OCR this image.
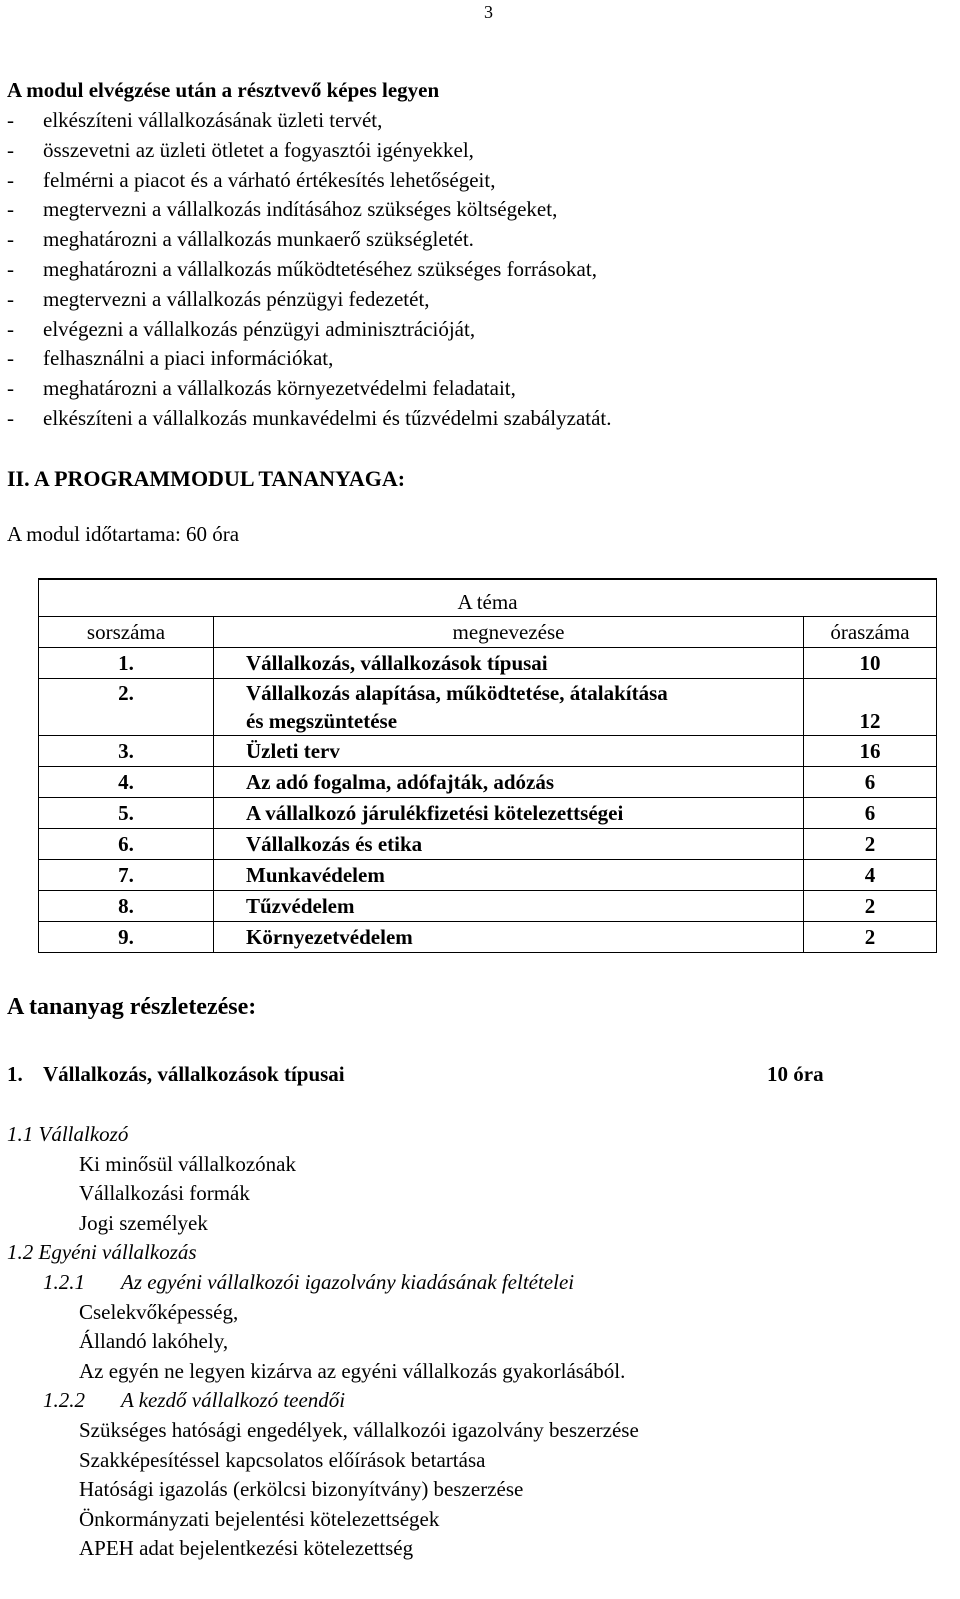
3
A modul elvégzése után a résztvevő képes legyen
-	elkészíteni vállalkozásának üzleti tervét,
-	összevetni az üzleti ötletet a fogyasztói igényekkel,
-	felmérni a piacot és a várható értékesítés lehetőségeit,
-	megtervezni a vállalkozás indításához szükséges költségeket,
-	meghatározni a vállalkozás munkaerő szükségletét.
-	meghatározni a vállalkozás működtetéséhez szükséges forrásokat,
-	megtervezni a vállalkozás pénzügyi fedezetét,
-	elvégezni a vállalkozás pénzügyi adminisztrációját,
-	felhasználni a piaci információkat,
-	meghatározni a vállalkozás környezetvédelmi feladatait,
-	elkészíteni a vállalkozás munkavédelmi és tűzvédelmi szabályzatát.
II. A PROGRAMMODUL TANANYAGA:
A modul időtartama: 60 óra
A téma		
sorszáma	megnevezése	óraszáma
1.	Vállalkozás, vállalkozások típusai	10
2.	Vállalkozás alapítása, működtetése, átalakítása
és megszüntetése	12
3.	Üzleti terv	16
4.	Az adó fogalma, adófajták, adózás	6
5.	A vállalkozó járulékfizetési kötelezettségei	6
6.	Vállalkozás és etika	2
7.	Munkavédelem	4
8.	Tűzvédelem	2
9.	Környezetvédelem	2
A tananyag részletezése:
1. Vállalkozás, vállalkozások típusai	10 óra
1.1 Vállalkozó
Ki minősül vállalkozónak
Vállalkozási formák
Jogi személyek
1.2 Egyéni vállalkozás
1.2.1 Az egyéni vállalkozói igazolvány kiadásának feltételei
Cselekvőképesség,
Állandó lakóhely,
Az egyén ne legyen kizárva az egyéni vállalkozás gyakorlásából.
1.2.2 A kezdő vállalkozó teendői
Szükséges hatósági engedélyek, vállalkozói igazolvány beszerzése
Szakképesítéssel kapcsolatos előírások betartása
Hatósági igazolás (erkölcsi bizonyítvány) beszerzése
Önkormányzati bejelentési kötelezettségek
APEH adat bejelentkezési kötelezettség
